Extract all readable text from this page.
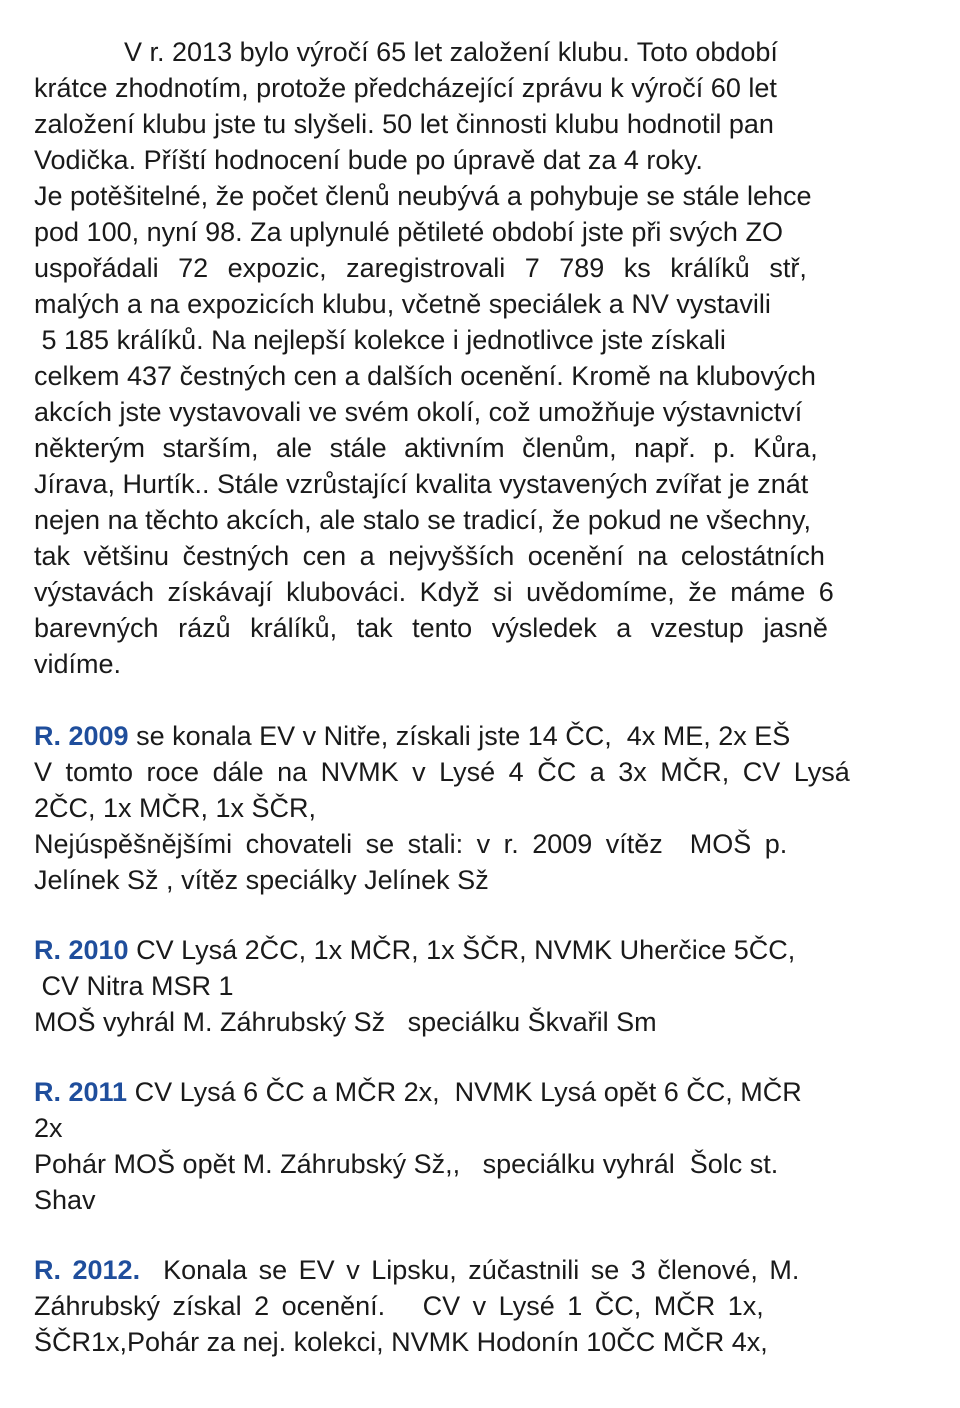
V r. 2013 bylo výročí 65 let založení klubu. Toto období

krátce zhodnotím, protože předcházející zprávu k výročí 60 let

založení klubu jste tu slyšeli. 50 let činnosti klubu hodnotil pan

Vodička. Příští hodnocení bude po úpravě dat za 4 roky.

Je potěšitelné, že počet členů neubývá a pohybuje se stále lehce

pod 100, nyní 98. Za uplynulé pětileté období jste při svých ZO

uspořádali 72 expozic, zaregistrovali 7 789 ks králíků stř,

malých a na expozicích klubu, včetně speciálek a NV vystavili

5 185 králíků. Na nejlepší kolekce i jednotlivce jste získali

celkem 437 čestných cen a dalších ocenění. Kromě na klubových

akcích jste vystavovali ve svém okolí, což umožňuje výstavnictví

některým starším, ale stále aktivním členům, např. p. Kůra,

Jírava, Hurtík.. Stále vzrůstající kvalita vystavených zvířat je znát

nejen na těchto akcích, ale stalo se tradicí, že pokud ne všechny,

tak většinu čestných cen a nejvyšších ocenění na celostátních

výstavách získávají klubováci. Když si uvědomíme, že máme 6

barevných rázů králíků, tak tento výsledek a vzestup jasně

vidíme.

R. 2009 se konala EV v Nitře, získali jste 14 ČC,  4x ME, 2x EŠ

V tomto roce dále na NVMK v Lysé 4 ČC a 3x MČR, CV Lysá

2ČC, 1x MČR, 1x ŠČR,

Nejúspěšnějšími chovateli se stali: v r. 2009 vítěz  MOŠ p.

Jelínek Sž , vítěz speciálky Jelínek Sž

R. 2010 CV Lysá 2ČC, 1x MČR, 1x ŠČR, NVMK Uherčice 5ČC,

CV Nitra MSR 1

MOŠ vyhrál M. Záhrubský Sž   speciálku Škvařil Sm

R. 2011 CV Lysá 6 ČC a MČR 2x,  NVMK Lysá opět 6 ČC, MČR

2x

Pohár MOŠ opět M. Záhrubský Sž,,   speciálku vyhrál  Šolc st.

Shav

R. 2012.  Konala se EV v Lipsku, zúčastnili se 3 členové, M.

Záhrubský získal 2 ocenění.   CV v Lysé 1 ČC, MČR 1x,

ŠČR1x,Pohár za nej. kolekci, NVMK Hodonín 10ČC MČR 4x,
